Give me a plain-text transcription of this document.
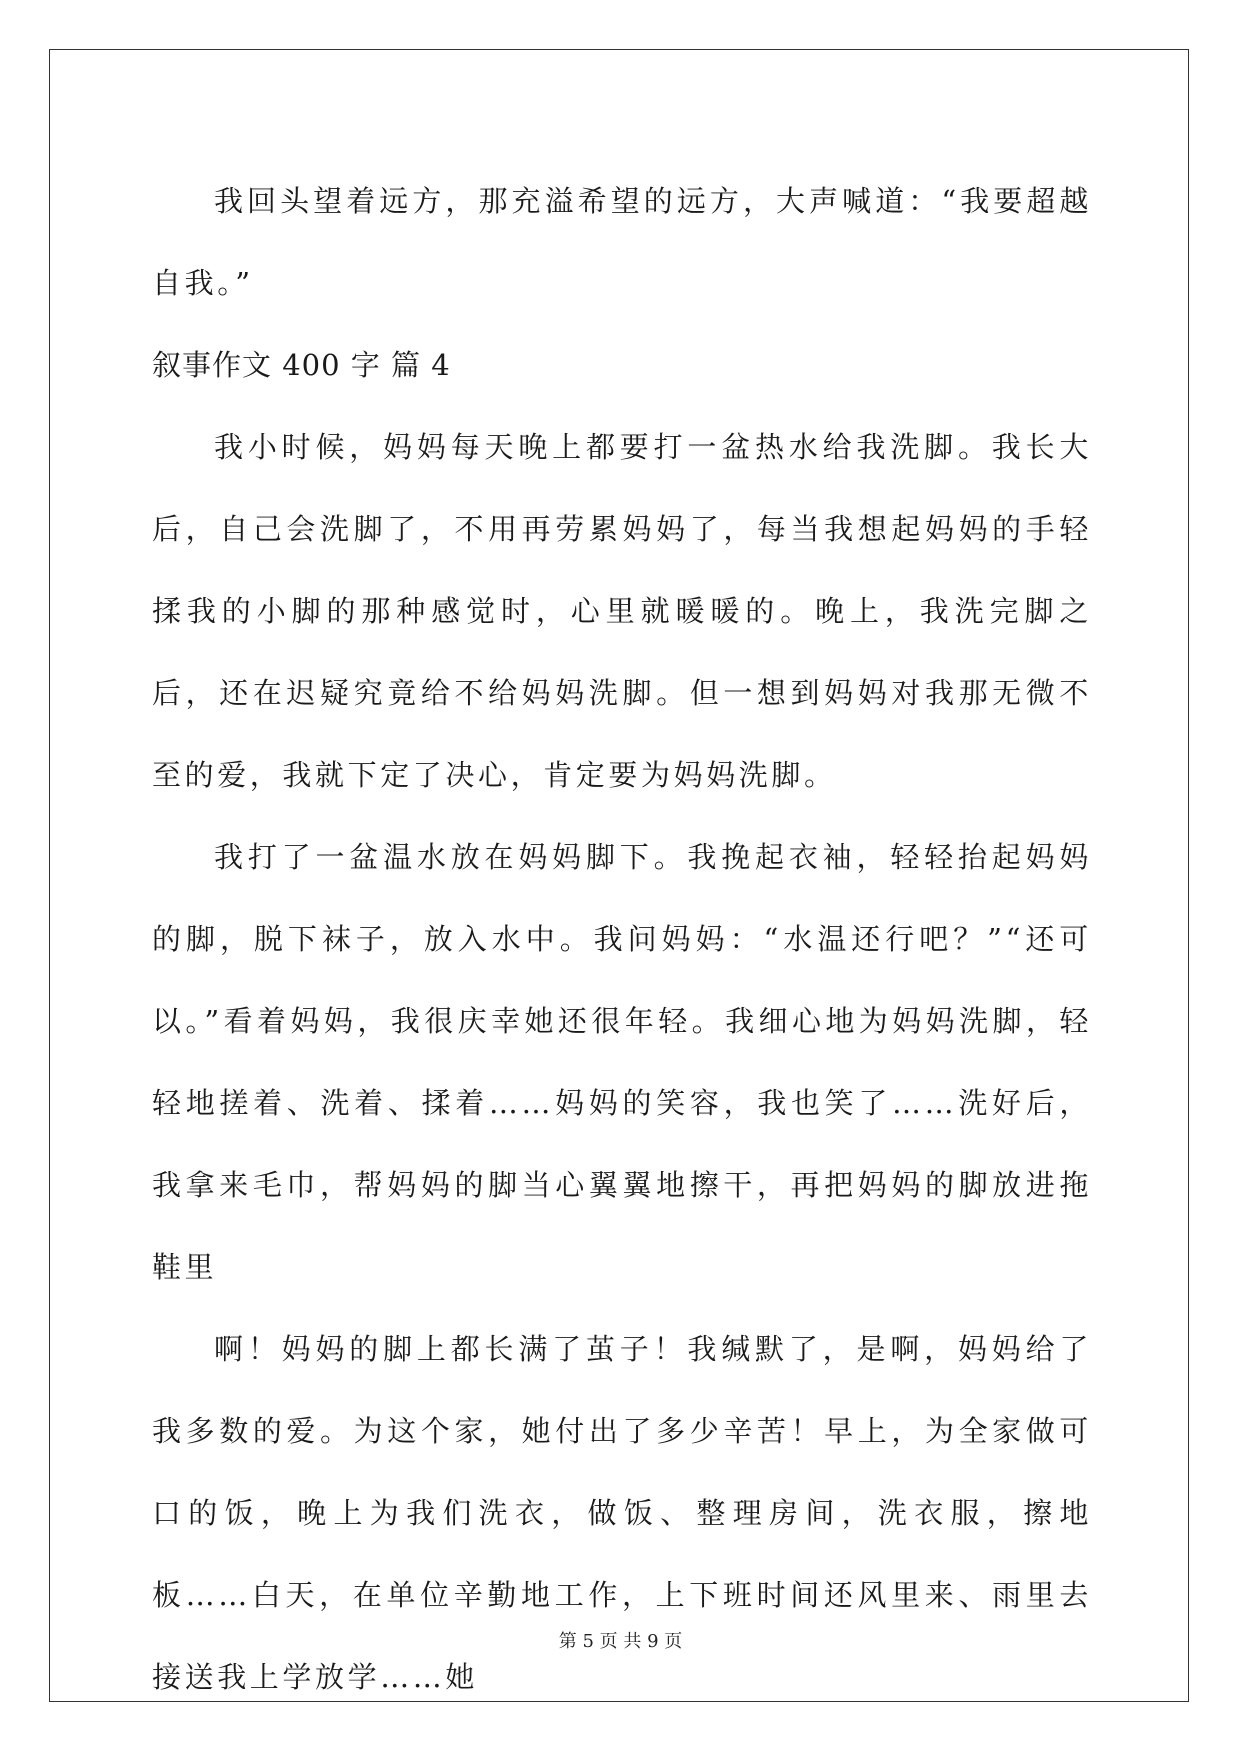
我回头望着远方，那充溢希望的远方，大声喊道：“我要超越自我。”

叙事作文 400 字 篇 4

我小时候，妈妈每天晚上都要打一盆热水给我洗脚。我长大后，自己会洗脚了，不用再劳累妈妈了，每当我想起妈妈的手轻揉我的小脚的那种感觉时，心里就暖暖的。晚上，我洗完脚之后，还在迟疑究竟给不给妈妈洗脚。但一想到妈妈对我那无微不至的爱，我就下定了决心，肯定要为妈妈洗脚。

我打了一盆温水放在妈妈脚下。我挽起衣袖，轻轻抬起妈妈的脚，脱下袜子，放入水中。我问妈妈：“水温还行吧？”“还可以。”看着妈妈，我很庆幸她还很年轻。我细心地为妈妈洗脚，轻轻地搓着、洗着、揉着……妈妈的笑容，我也笑了……洗好后，我拿来毛巾，帮妈妈的脚当心翼翼地擦干，再把妈妈的脚放进拖鞋里

啊！妈妈的脚上都长满了茧子！我缄默了，是啊，妈妈给了我多数的爱。为这个家，她付出了多少辛苦！早上，为全家做可口的饭，晚上为我们洗衣，做饭、整理房间，洗衣服，擦地板……白天，在单位辛勤地工作，上下班时间还风里来、雨里去接送我上学放学……她

第 5 页 共 9 页
